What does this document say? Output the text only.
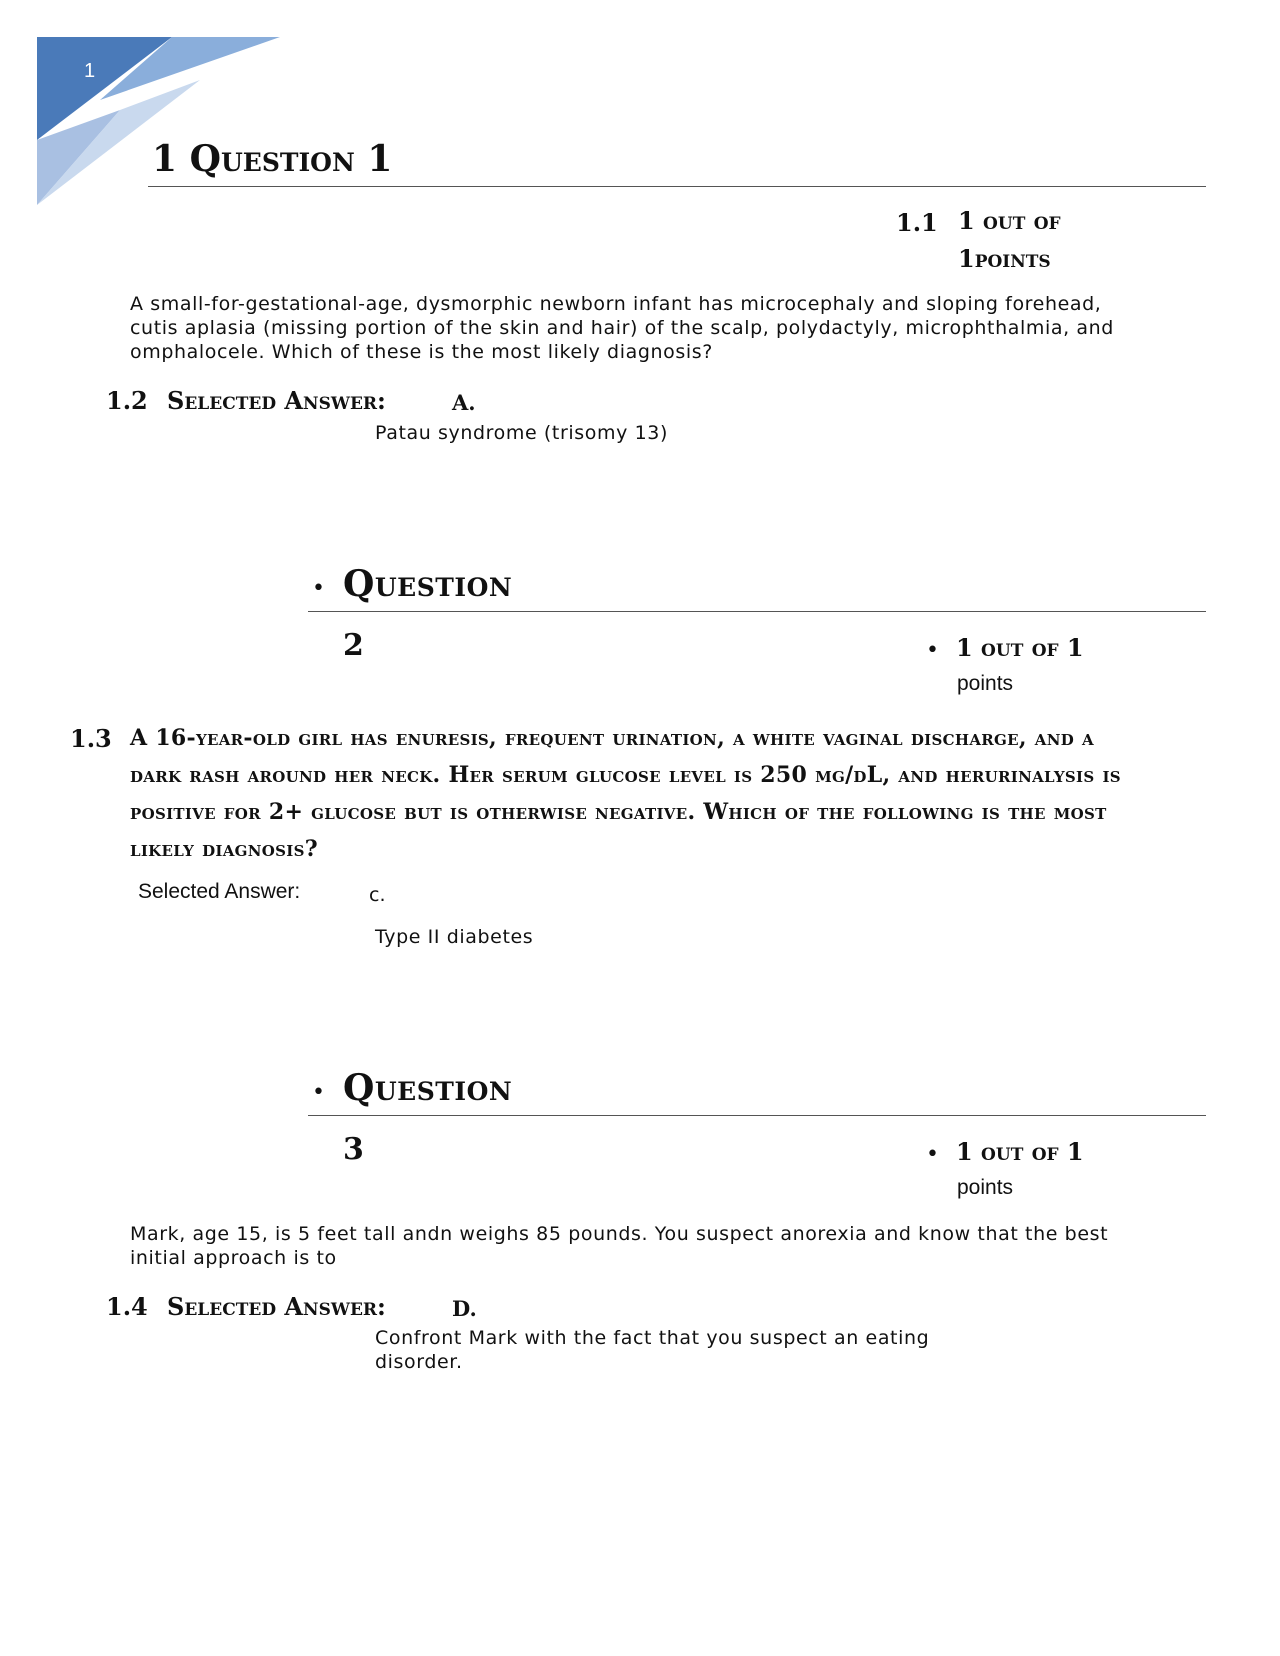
1
1 Question 1
1.1 1 out of
1points
A small-for-gestational-age, dysmorphic newborn infant has microcephaly and sloping forehead, cutis aplasia (missing portion of the skin and hair) of the scalp, polydactyly, microphthalmia, and omphalocele. Which of these is the most likely diagnosis?
1.2 Selected Answer:	A.
Patau syndrome (trisomy 13)
• Question
2	• 1 out of 1
points
1.3 A 16-year-old girl has enuresis, frequent urination, a white vaginal discharge, and a dark rash around her neck. Her serum glucose level is 250 mg/dL, and herurinalysis is positive for 2+ glucose but is otherwise negative. Which of the following is the most likely diagnosis?
Selected Answer:	c.
Type II diabetes
• Question
3	• 1 out of 1
points
Mark, age 15, is 5 feet tall andn weighs 85 pounds. You suspect anorexia and know that the best initial approach is to
1.4 Selected Answer:	D.
Confront Mark with the fact that you suspect an eating disorder.
